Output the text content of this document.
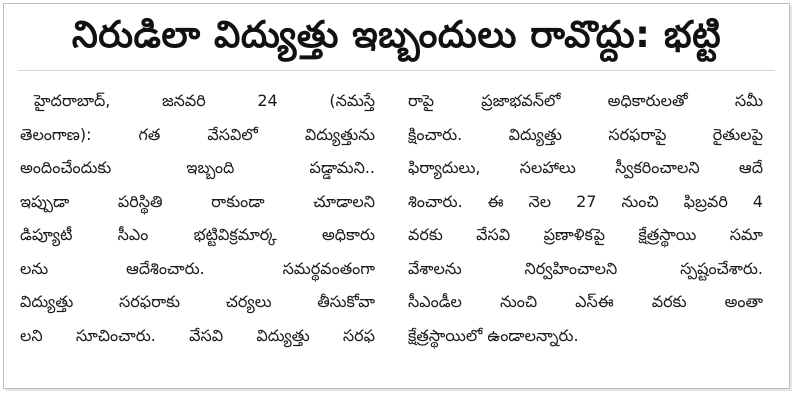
నిరుడిలా విద్యుత్తు ఇబ్బందులు రావొద్దు: భట్టి
హైదరాబాద్, జనవరి 24 (నమస్తే
తెలంగాణ): గత వేసవిలో విద్యుత్తును
అందించేందుకు ఇబ్బంది పడ్డామని..
ఇప్పుడా పరిస్థితి రాకుండా చూడాలని
డిప్యూటీ సీఎం భట్టివిక్రమార్క అధికారు
లను ఆదేశించారు. సమర్థవంతంగా
విద్యుత్తు సరఫరాకు చర్యలు తీసుకోవా
లని సూచించారు. వేసవి విద్యుత్తు సరఫ
రాపై ప్రజాభవన్‌లో అధికారులతో సమీ
క్షించారు. విద్యుత్తు సరఫరాపై రైతులపై
ఫిర్యాదులు, సలహాలు స్వీకరించాలని ఆదే
శించారు. ఈ నెల 27 నుంచి ఫిబ్రవరి 4
వరకు వేసవి ప్రణాళికపై క్షేత్రస్థాయి సమా
వేశాలను నిర్వహించాలని స్పష్టంచేశారు.
సీఎండీల నుంచి ఎస్ఈ వరకు అంతా
క్షేత్రస్థాయిలో ఉండాలన్నారు.
